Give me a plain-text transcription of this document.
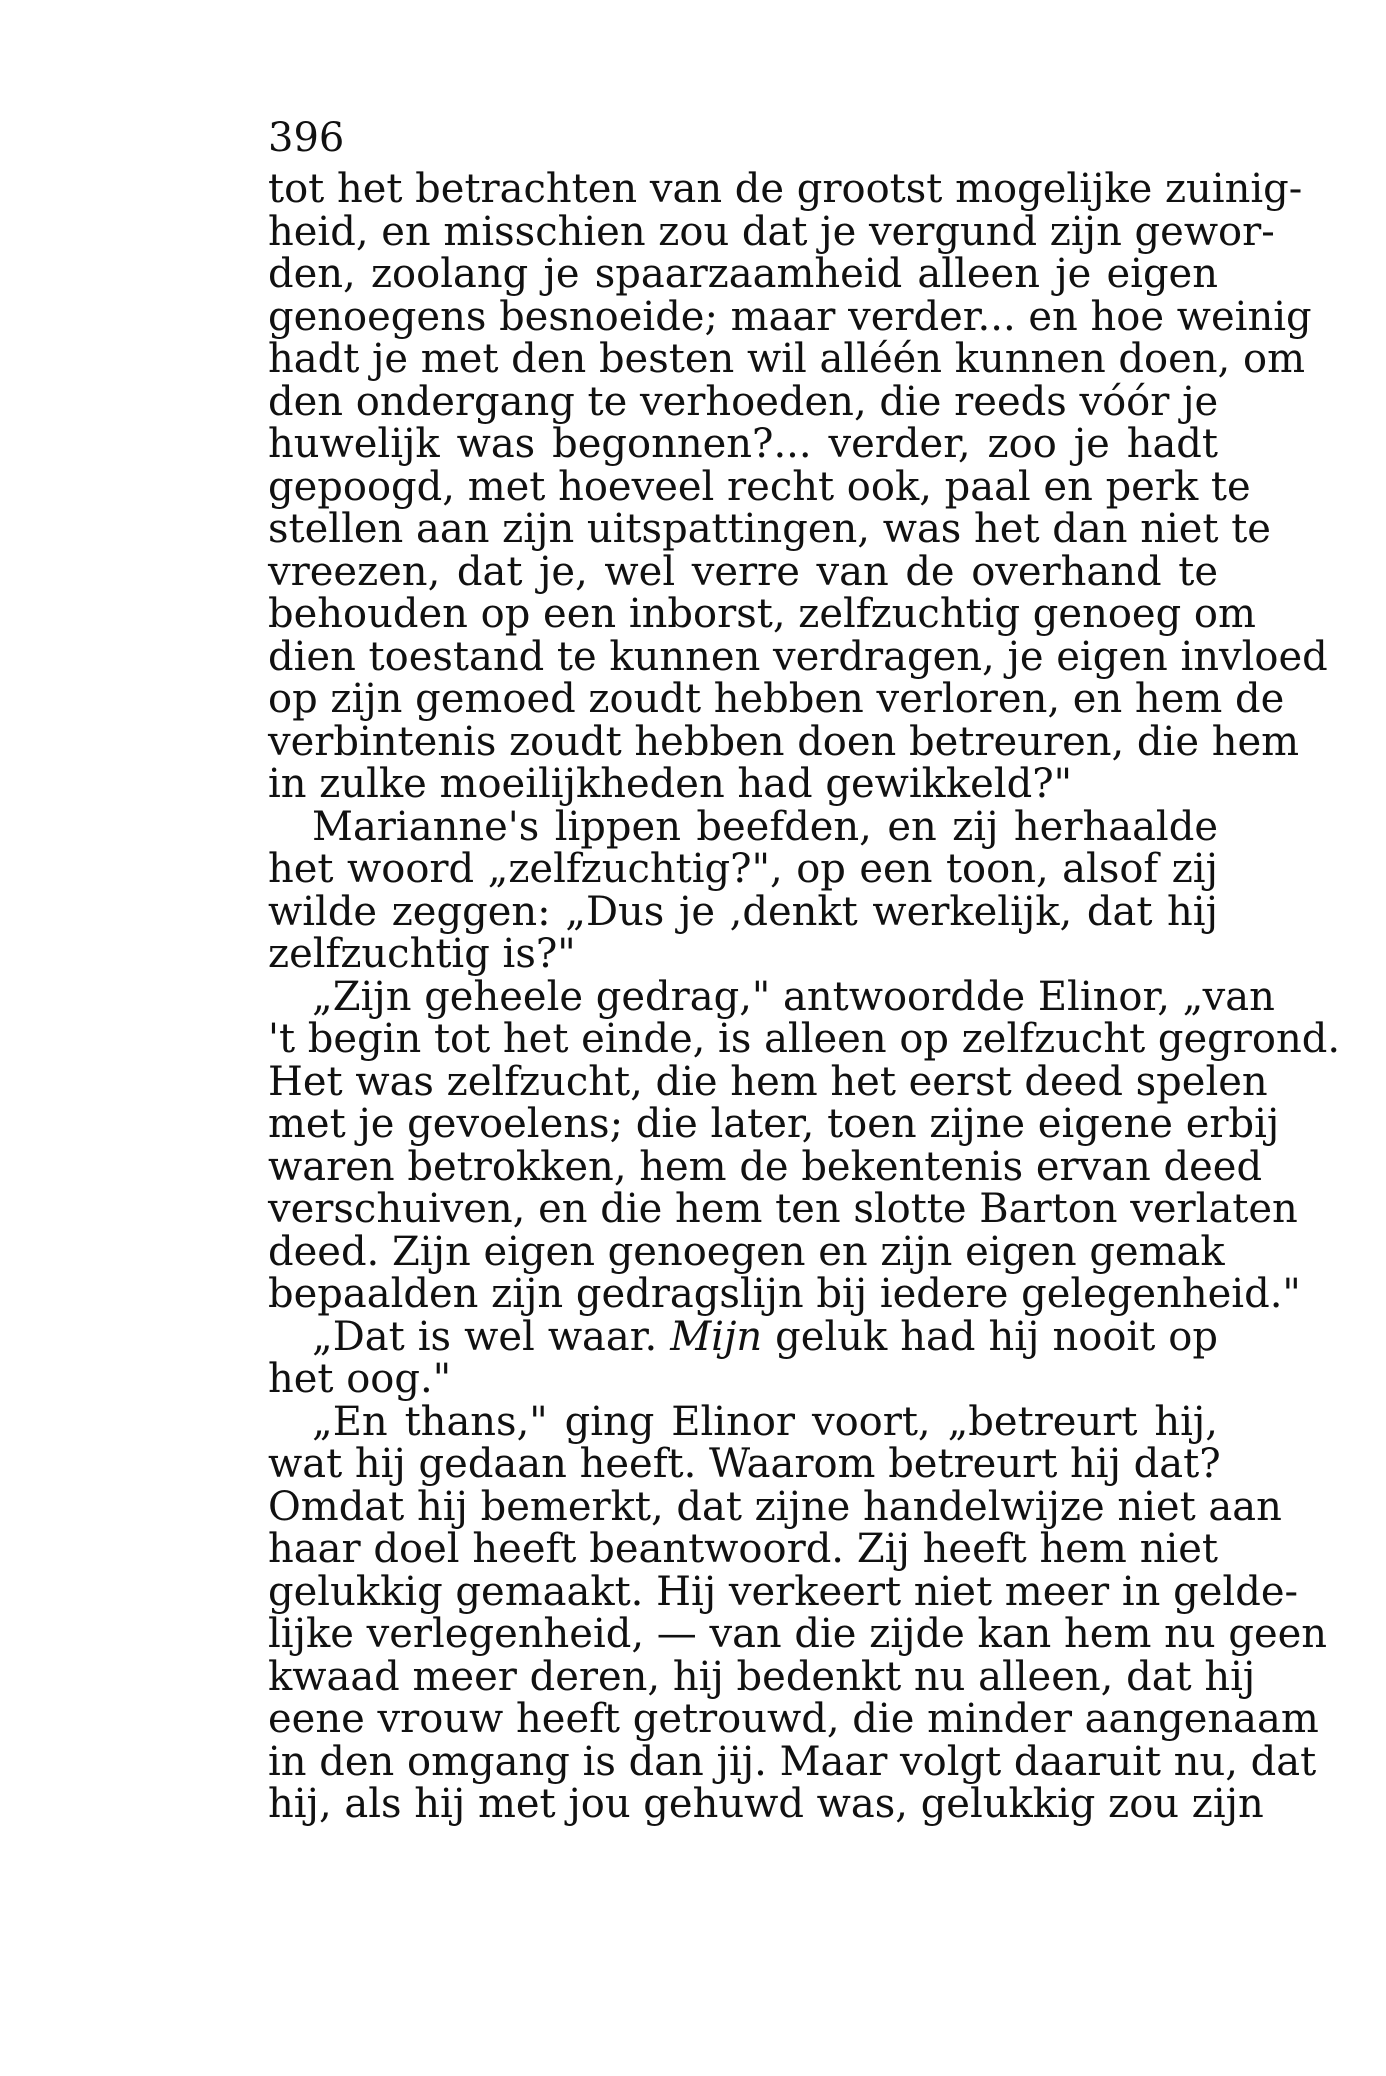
396
tot het betrachten van de grootst mogelijke zuinig-
heid, en misschien zou dat je vergund zijn gewor-
den, zoolang je spaarzaamheid alleen je eigen
genoegens besnoeide; maar verder... en hoe weinig
hadt je met den besten wil alléén kunnen doen, om
den ondergang te verhoeden, die reeds vóór je
huwelijk was begonnen?... verder, zoo je hadt
gepoogd, met hoeveel recht ook, paal en perk te
stellen aan zijn uitspattingen, was het dan niet te
vreezen, dat je, wel verre van de overhand te
behouden op een inborst, zelfzuchtig genoeg om
dien toestand te kunnen verdragen, je eigen invloed
op zijn gemoed zoudt hebben verloren, en hem de
verbintenis zoudt hebben doen betreuren, die hem
in zulke moeilijkheden had gewikkeld?"
Marianne's lippen beefden, en zij herhaalde
het woord „zelfzuchtig?", op een toon, alsof zij
wilde zeggen: „Dus je ,denkt werkelijk, dat hij
zelfzuchtig is?"
„Zijn geheele gedrag," antwoordde Elinor, „van
't begin tot het einde, is alleen op zelfzucht gegrond.
Het was zelfzucht, die hem het eerst deed spelen
met je gevoelens; die later, toen zijne eigene erbij
waren betrokken, hem de bekentenis ervan deed
verschuiven, en die hem ten slotte Barton verlaten
deed. Zijn eigen genoegen en zijn eigen gemak
bepaalden zijn gedragslijn bij iedere gelegenheid."
„Dat is wel waar. Mijn geluk had hij nooit op
het oog."
„En thans," ging Elinor voort, „betreurt hij,
wat hij gedaan heeft. Waarom betreurt hij dat?
Omdat hij bemerkt, dat zijne handelwijze niet aan
haar doel heeft beantwoord. Zij heeft hem niet
gelukkig gemaakt. Hij verkeert niet meer in gelde-
lijke verlegenheid, — van die zijde kan hem nu geen
kwaad meer deren, hij bedenkt nu alleen, dat hij
eene vrouw heeft getrouwd, die minder aangenaam
in den omgang is dan jij. Maar volgt daaruit nu, dat
hij, als hij met jou gehuwd was, gelukkig zou zijn
